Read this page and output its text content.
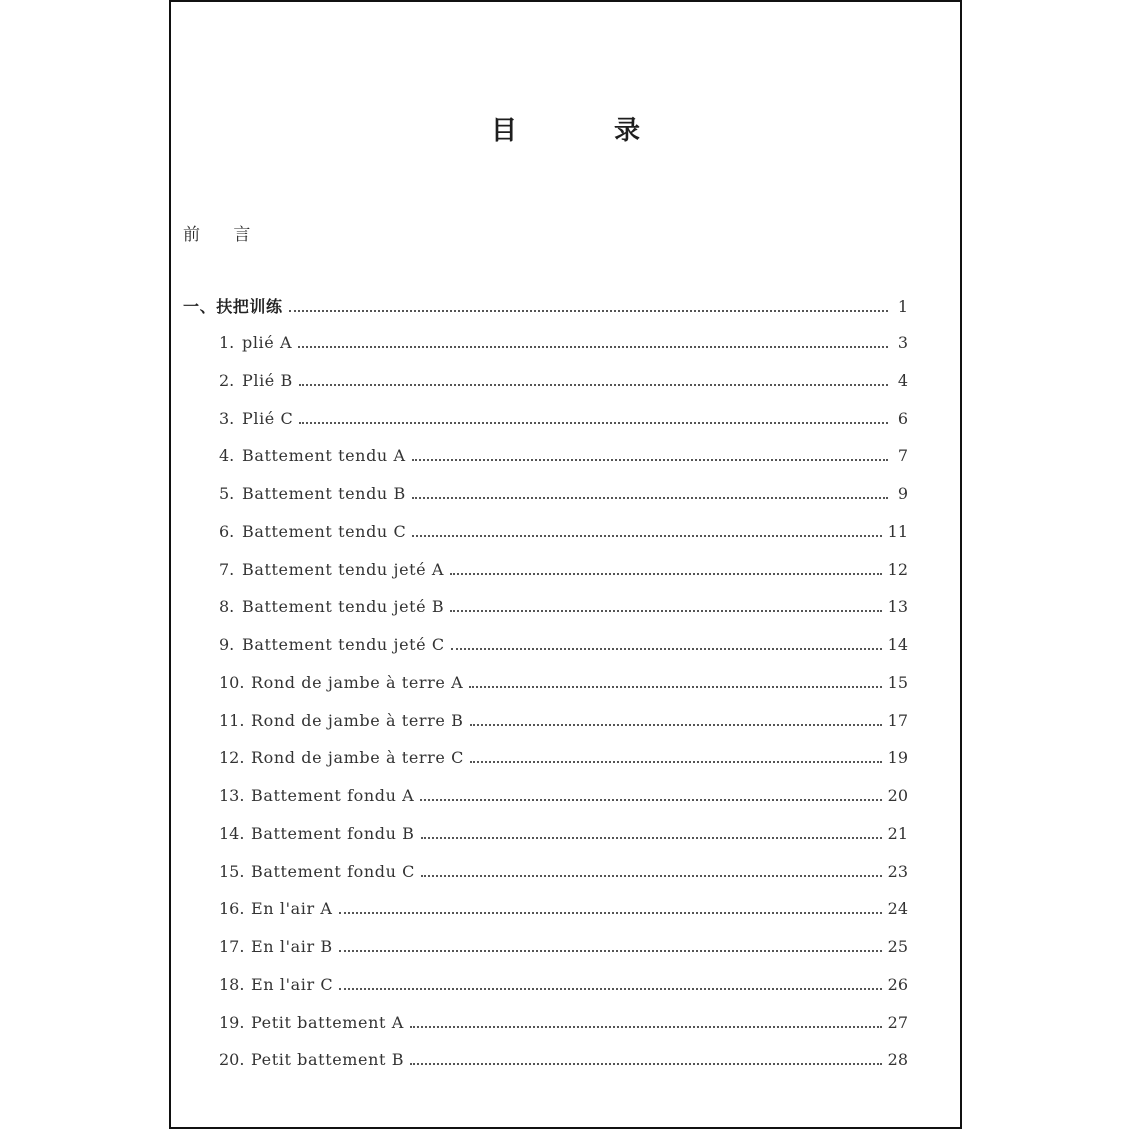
目 录
前 言
一、扶把训练	1
1. plié A	3
2. Plié B	4
3. Plié C	6
4. Battement tendu A	7
5. Battement tendu B	9
6. Battement tendu C	11
7. Battement tendu jeté A	12
8. Battement tendu jeté B	13
9. Battement tendu jeté C	14
10. Rond de jambe à terre A	15
11. Rond de jambe à terre B	17
12. Rond de jambe à terre C	19
13. Battement fondu A	20
14. Battement fondu B	21
15. Battement fondu C	23
16. En l'air A	24
17. En l'air B	25
18. En l'air C	26
19. Petit battement A	27
20. Petit battement B	28
